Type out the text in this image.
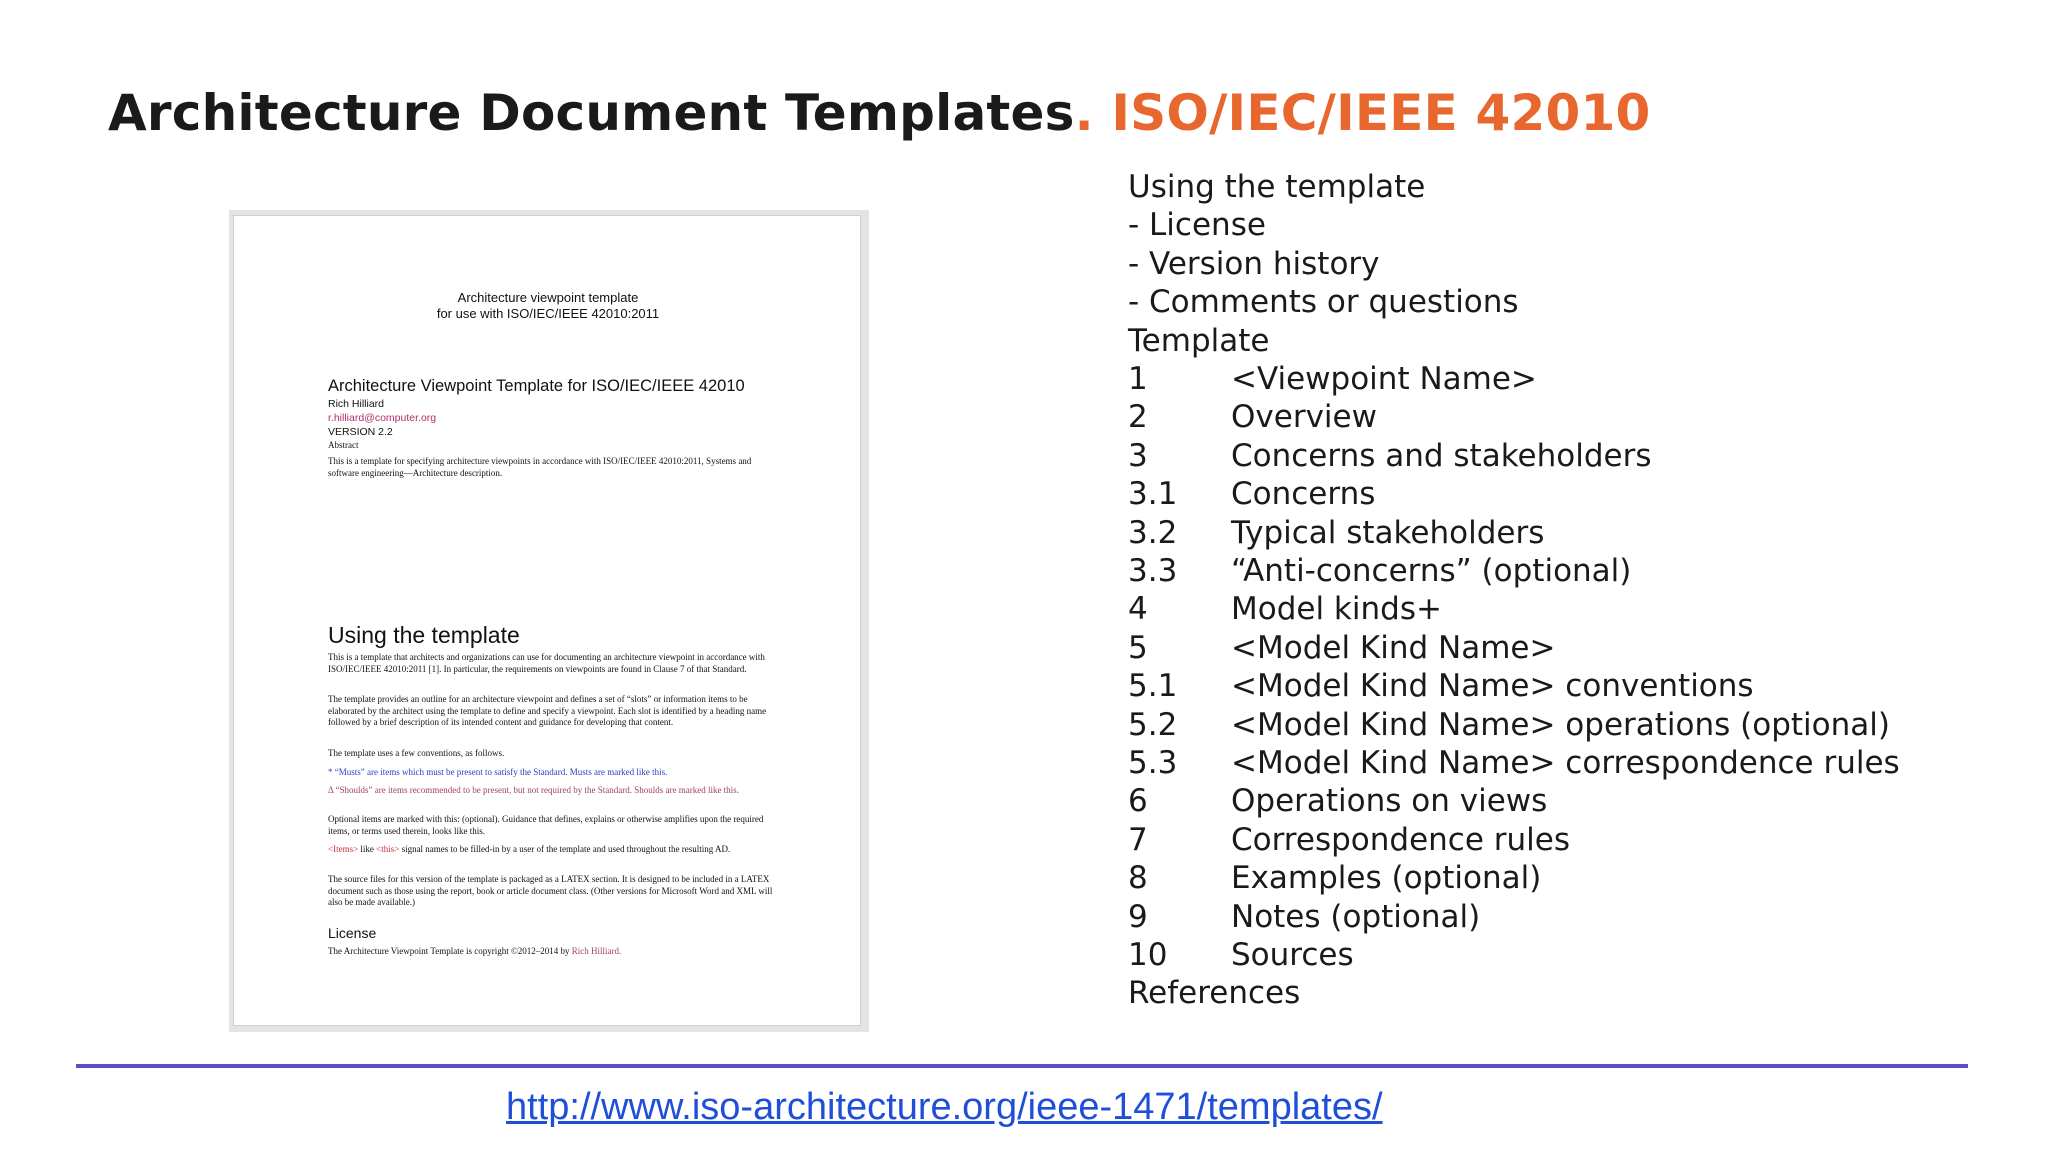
Architecture Document Templates. ISO/IEC/IEEE 42010
Architecture viewpoint template
for use with ISO/IEC/IEEE 42010:2011
Architecture Viewpoint Template for ISO/IEC/IEEE 42010
Rich Hilliard
r.hilliard@computer.org
VERSION 2.2
Abstract
This is a template for specifying architecture viewpoints in accordance with ISO/IEC/IEEE 42010:2011, Systems and software engineering—Architecture description.
Using the template
This is a template that architects and organizations can use for documenting an architecture viewpoint in accordance with ISO/IEC/IEEE 42010:2011 [1]. In particular, the requirements on viewpoints are found in Clause 7 of that Standard.
The template provides an outline for an architecture viewpoint and defines a set of “slots” or information items to be elaborated by the architect using the template to define and specify a viewpoint. Each slot is identified by a heading name followed by a brief description of its intended content and guidance for developing that content.
The template uses a few conventions, as follows.
* “Musts” are items which must be present to satisfy the Standard. Musts are marked like this.
Δ “Shoulds” are items recommended to be present, but not required by the Standard. Shoulds are marked like this.
Optional items are marked with this: (optional). Guidance that defines, explains or otherwise amplifies upon the required items, or terms used therein, looks like this.
<Items> like <this> signal names to be filled-in by a user of the template and used throughout the resulting AD.
The source files for this version of the template is packaged as a LATEX section. It is designed to be included in a LATEX document such as those using the report, book or article document class. (Other versions for Microsoft Word and XML will also be made available.)
License
The Architecture Viewpoint Template is copyright ©2012–2014 by Rich Hilliard.
Using the template
- License
- Version history
- Comments or questions
Template
1	<Viewpoint Name>
2	Overview
3	Concerns and stakeholders
3.1 Concerns
3.2 Typical stakeholders
3.3 “Anti-concerns” (optional)
4	Model kinds+
5	<Model Kind Name>
5.1 <Model Kind Name> conventions
5.2 <Model Kind Name> operations (optional)
5.3 <Model Kind Name> correspondence rules
6	Operations on views
7	Correspondence rules
8	Examples (optional)
9	Notes (optional)
10 Sources
References
http://www.iso-architecture.org/ieee-1471/templates/
